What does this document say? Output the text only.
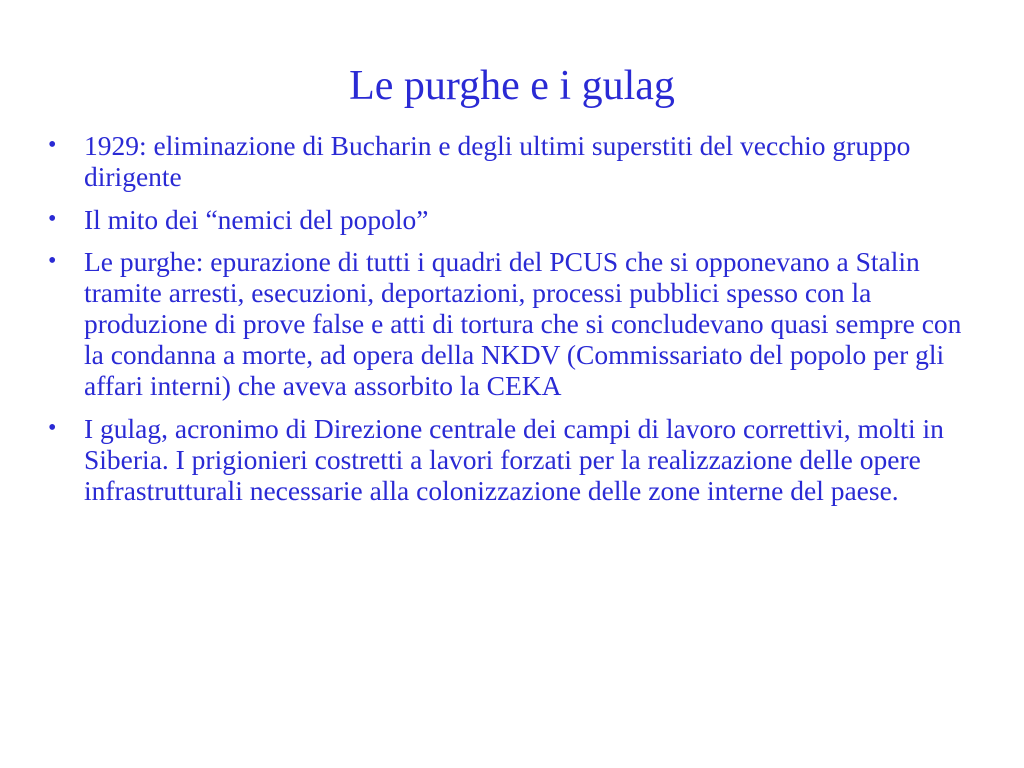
Le purghe e i gulag
•	1929: eliminazione di Bucharin e degli ultimi superstiti del vecchio gruppo dirigente
•	Il mito dei “nemici del popolo”
•	Le purghe: epurazione di tutti i quadri del PCUS che si opponevano a Stalin tramite arresti, esecuzioni, deportazioni, processi pubblici spesso con la produzione di prove false e atti di tortura che si concludevano quasi sempre con la condanna a morte, ad opera della NKDV (Commissariato del popolo per gli affari interni) che aveva assorbito la CEKA
•	I gulag, acronimo di Direzione centrale dei campi di lavoro correttivi, molti in Siberia. I prigionieri costretti a lavori forzati per la realizzazione delle opere infrastrutturali necessarie alla colonizzazione delle zone interne del paese.
